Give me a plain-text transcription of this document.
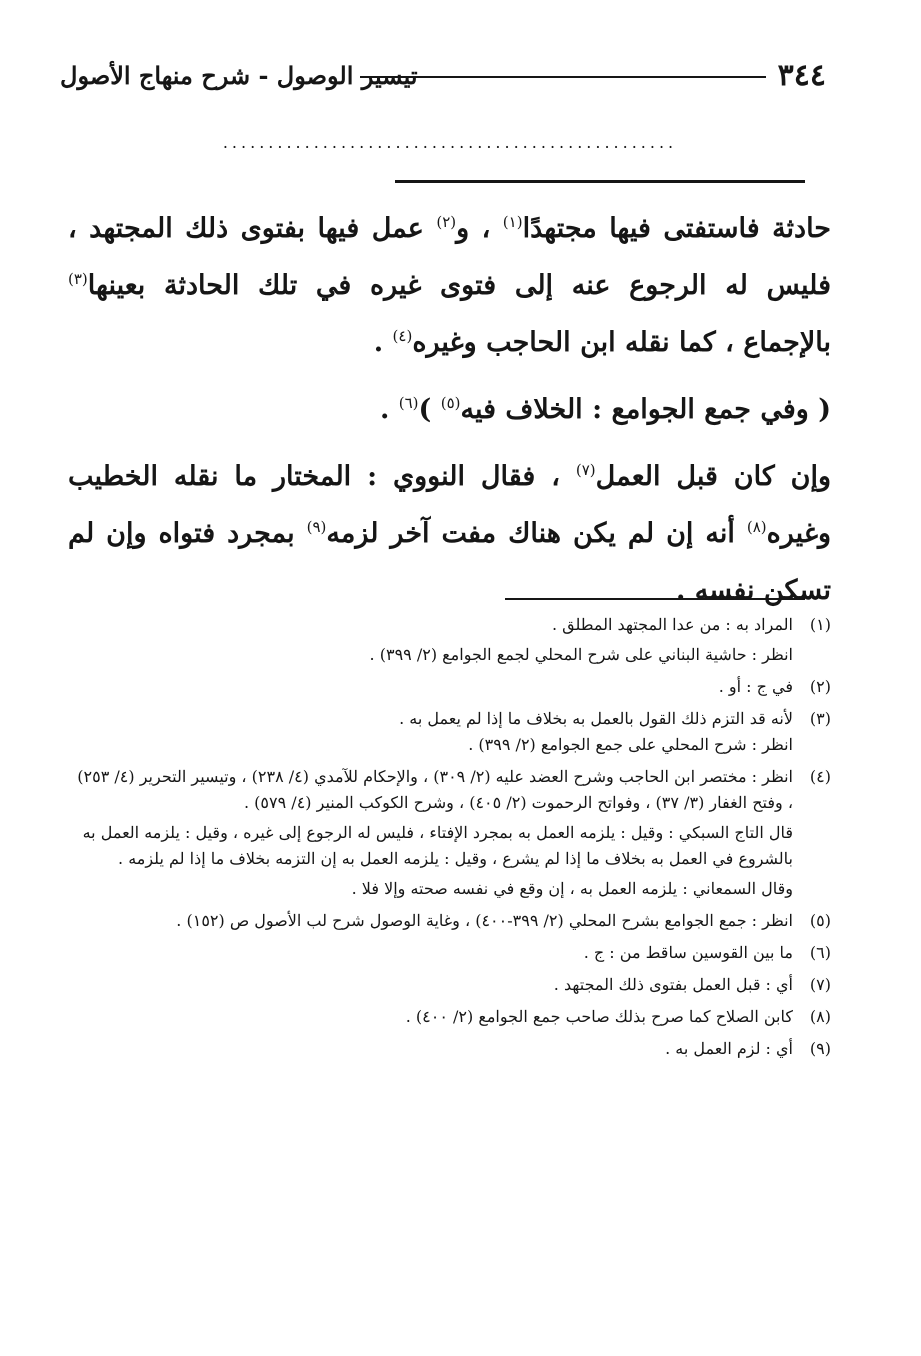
٣٤٤
تيسير الوصول - شرح منهاج الأصول
..................................................

حادثة فاستفتى فيها مجتهدًا$^{(١)}$ ، و$^{(٢)}$ عمل فيها بفتوى ذلك المجتهد ، فليس له الرجوع عنه إلى فتوى غيره في تلك الحادثة بعينها$^{(٣)}$ بالإجماع ، كما نقله ابن الحاجب وغيره$^{(٤)}$ .

( وفي جمع الجوامع : الخلاف فيه$^{(٥)}$ )$^{(٦)}$ .

وإن كان قبل العمل$^{(٧)}$ ، فقال النووي : المختار ما نقله الخطيب وغيره$^{(٨)}$ أنه إن لم يكن هناك مفت آخر لزمه$^{(٩)}$ بمجرد فتواه وإن لم تسكن نفسه .

(١)

المراد به : من عدا المجتهد المطلق .

انظر : حاشية البناني على شرح المحلي لجمع الجوامع (٢/ ٣٩٩) .

(٢)

في ج : أو .

(٣)

لأنه قد التزم ذلك القول بالعمل به بخلاف ما إذا لم يعمل به .

انظر : شرح المحلي على جمع الجوامع (٢/ ٣٩٩) .

(٤)

انظر : مختصر ابن الحاجب وشرح العضد عليه (٢/ ٣٠٩) ، والإحكام للآمدي (٤/ ٢٣٨) ، وتيسير التحرير (٤/ ٢٥٣) ، وفتح الغفار (٣/ ٣٧) ، وفواتح الرحموت (٢/ ٤٠٥) ، وشرح الكوكب المنير (٤/ ٥٧٩) .

قال التاج السبكي : وقيل : يلزمه العمل به بمجرد الإفتاء ، فليس له الرجوع إلى غيره ، وقيل : يلزمه العمل به بالشروع في العمل به بخلاف ما إذا لم يشرع ، وقيل : يلزمه العمل به إن التزمه بخلاف ما إذا لم يلزمه .

وقال السمعاني : يلزمه العمل به ، إن وقع في نفسه صحته وإلا فلا .

(٥)

انظر : جمع الجوامع بشرح المحلي (٢/ ٣٩٩-٤٠٠) ، وغاية الوصول شرح لب الأصول ص (١٥٢) .

(٦)

ما بين القوسين ساقط من : ج .

(٧)

أي : قبل العمل بفتوى ذلك المجتهد .

(٨)

كابن الصلاح كما صرح بذلك صاحب جمع الجوامع (٢/ ٤٠٠) .

(٩)

أي : لزم العمل به .
